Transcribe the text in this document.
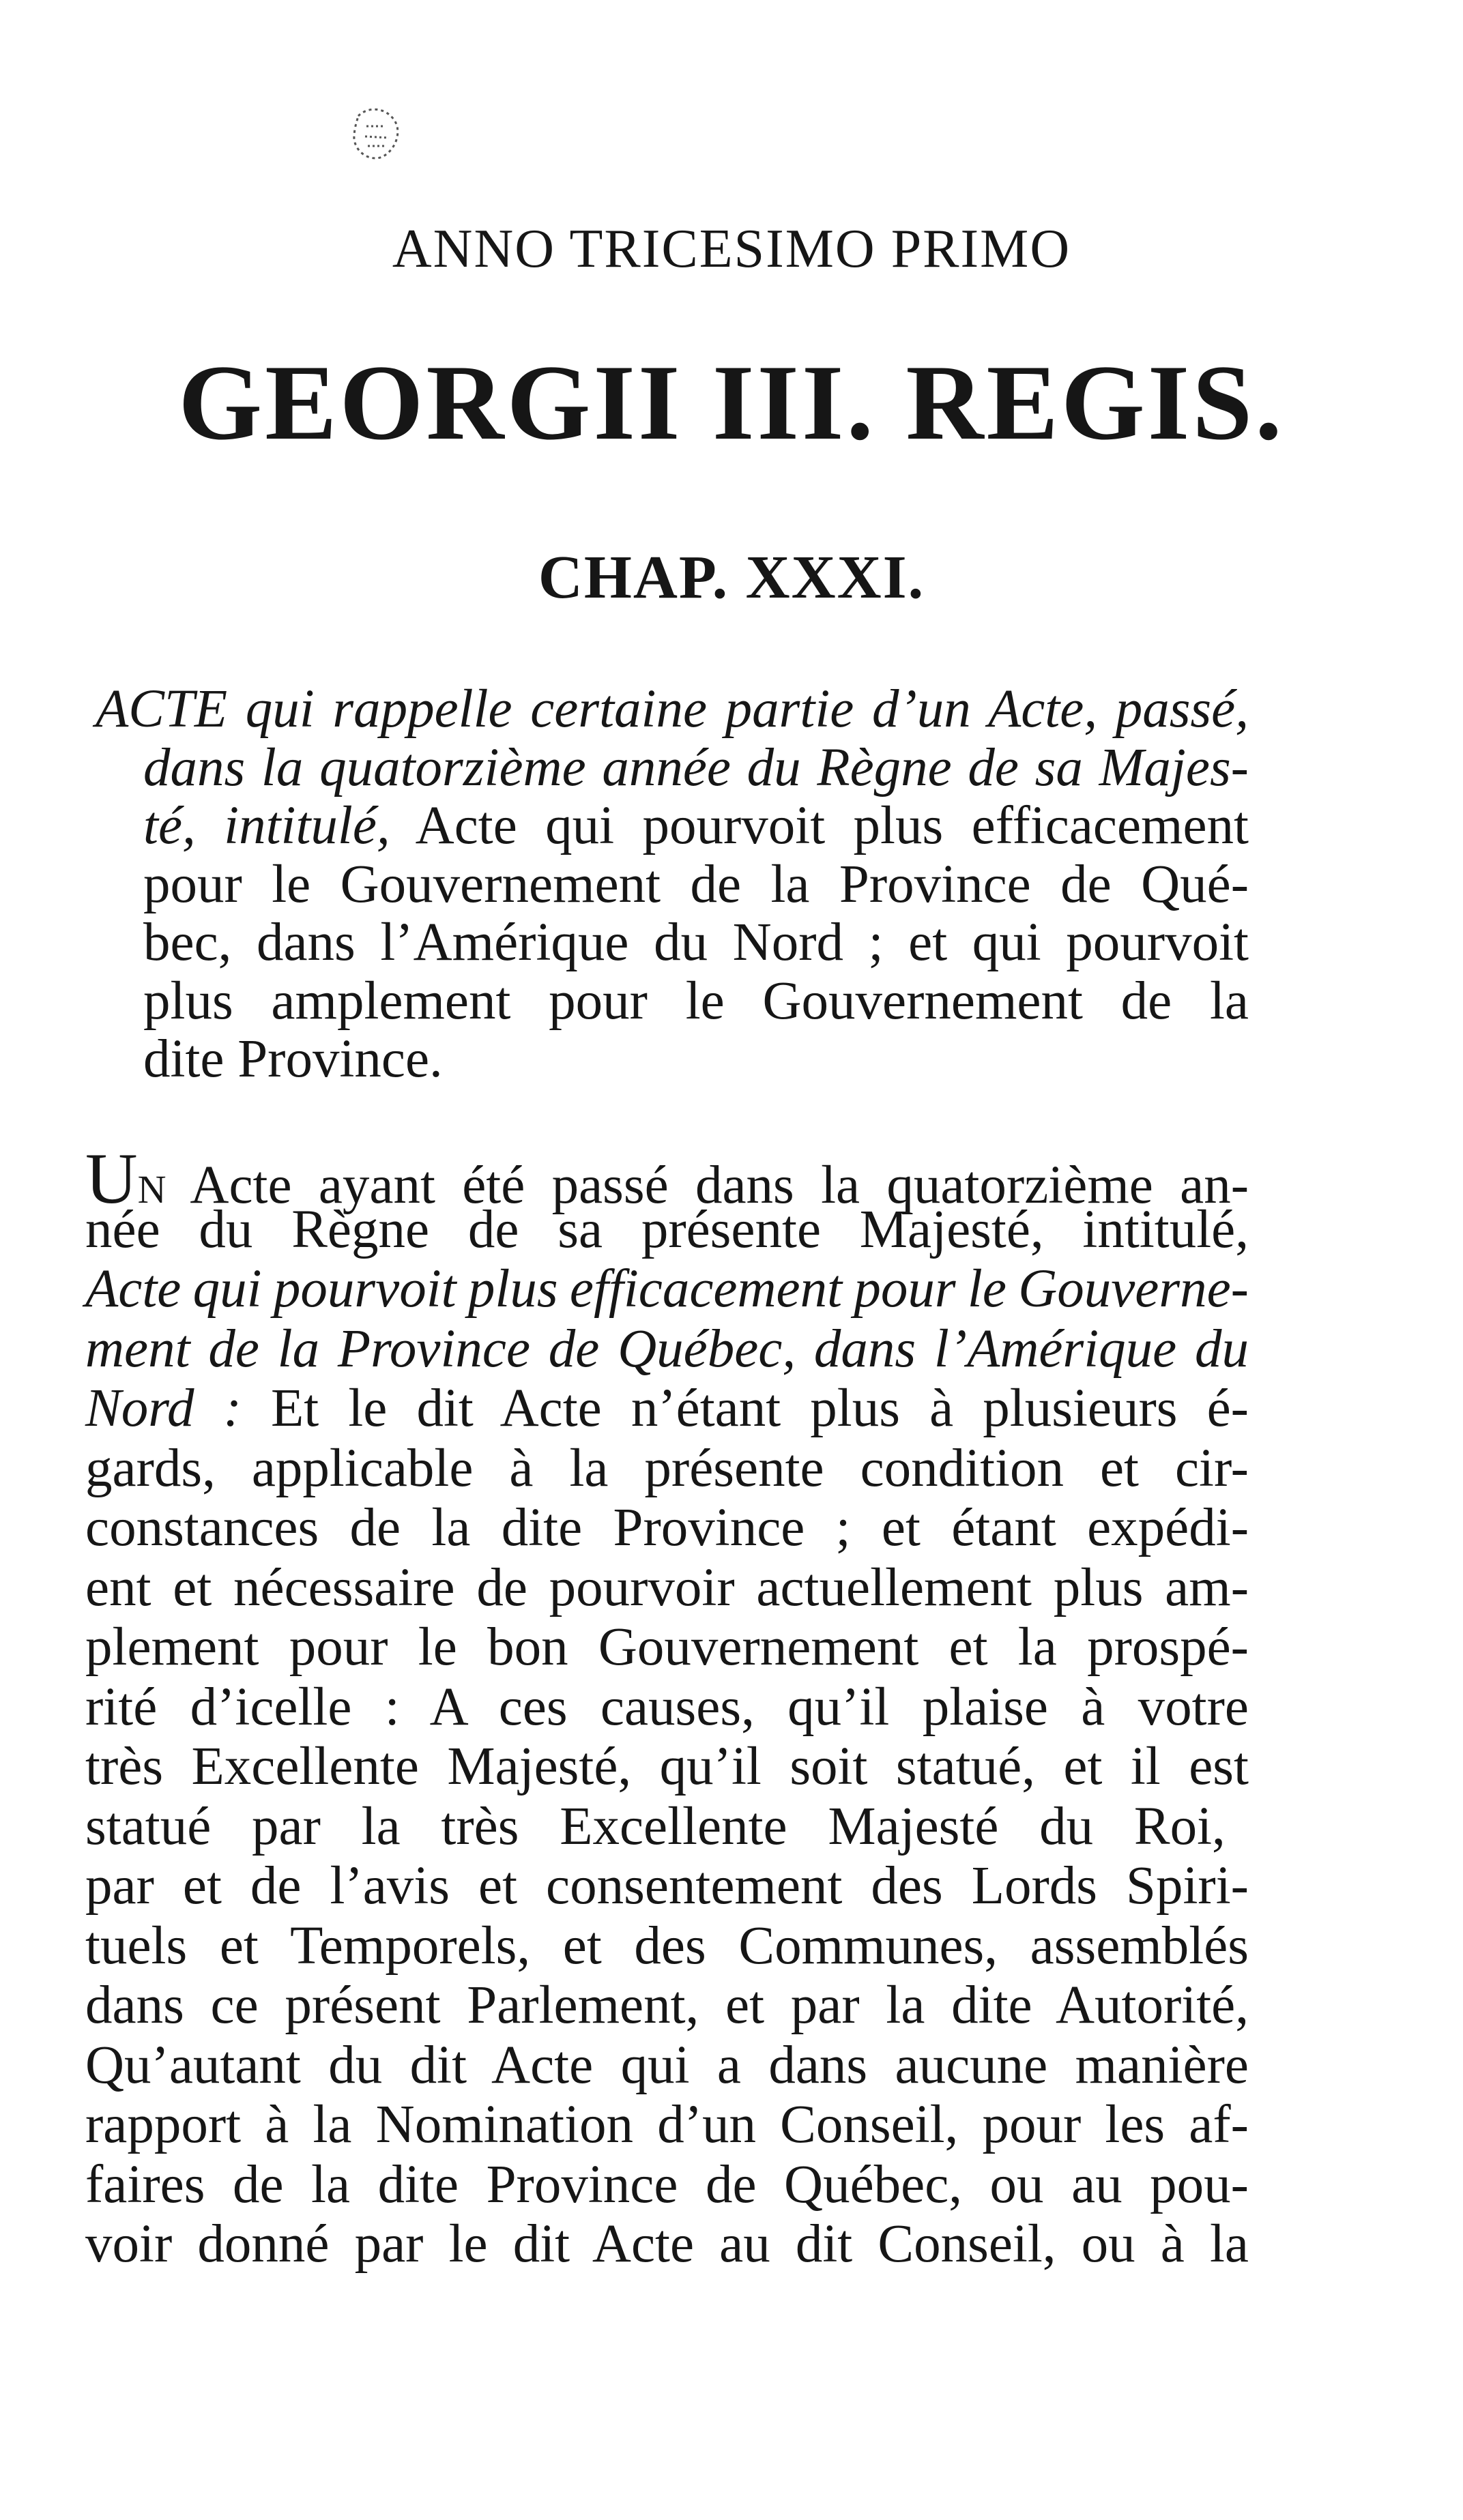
ANNO TRICESIMO PRIMO
GEORGII III. REGIS.
CHAP. XXXI.
ACTE qui rappelle certaine partie d’un Acte, passé,
dans la quatorzième année du Règne de sa Majes-
té, intitulé, Acte qui pourvoit plus efficacement
pour le Gouvernement de la Province de Qué-
bec, dans l’Amérique du Nord ; et qui pourvoit
plus amplement pour le Gouvernement de la
dite Province.
UN Acte ayant été passé dans la quatorzième an-
née du Règne de sa présente Majesté, intitulé,
Acte qui pourvoit plus efficacement pour le Gouverne-
ment de la Province de Québec, dans l’Amérique du
Nord : Et le dit Acte n’étant plus à plusieurs é-
gards, applicable à la présente condition et cir-
constances de la dite Province ; et étant expédi-
ent et nécessaire de pourvoir actuellement plus am-
plement pour le bon Gouvernement et la prospé-
rité d’icelle : A ces causes, qu’il plaise à votre
très Excellente Majesté, qu’il soit statué, et il est
statué par la très Excellente Majesté du Roi,
par et de l’avis et consentement des Lords Spiri-
tuels et Temporels, et des Communes, assemblés
dans ce présent Parlement, et par la dite Autorité,
Qu’autant du dit Acte qui a dans aucune manière
rapport à la Nomination d’un Conseil, pour les af-
faires de la dite Province de Québec, ou au pou-
voir donné par le dit Acte au dit Conseil, ou à la
